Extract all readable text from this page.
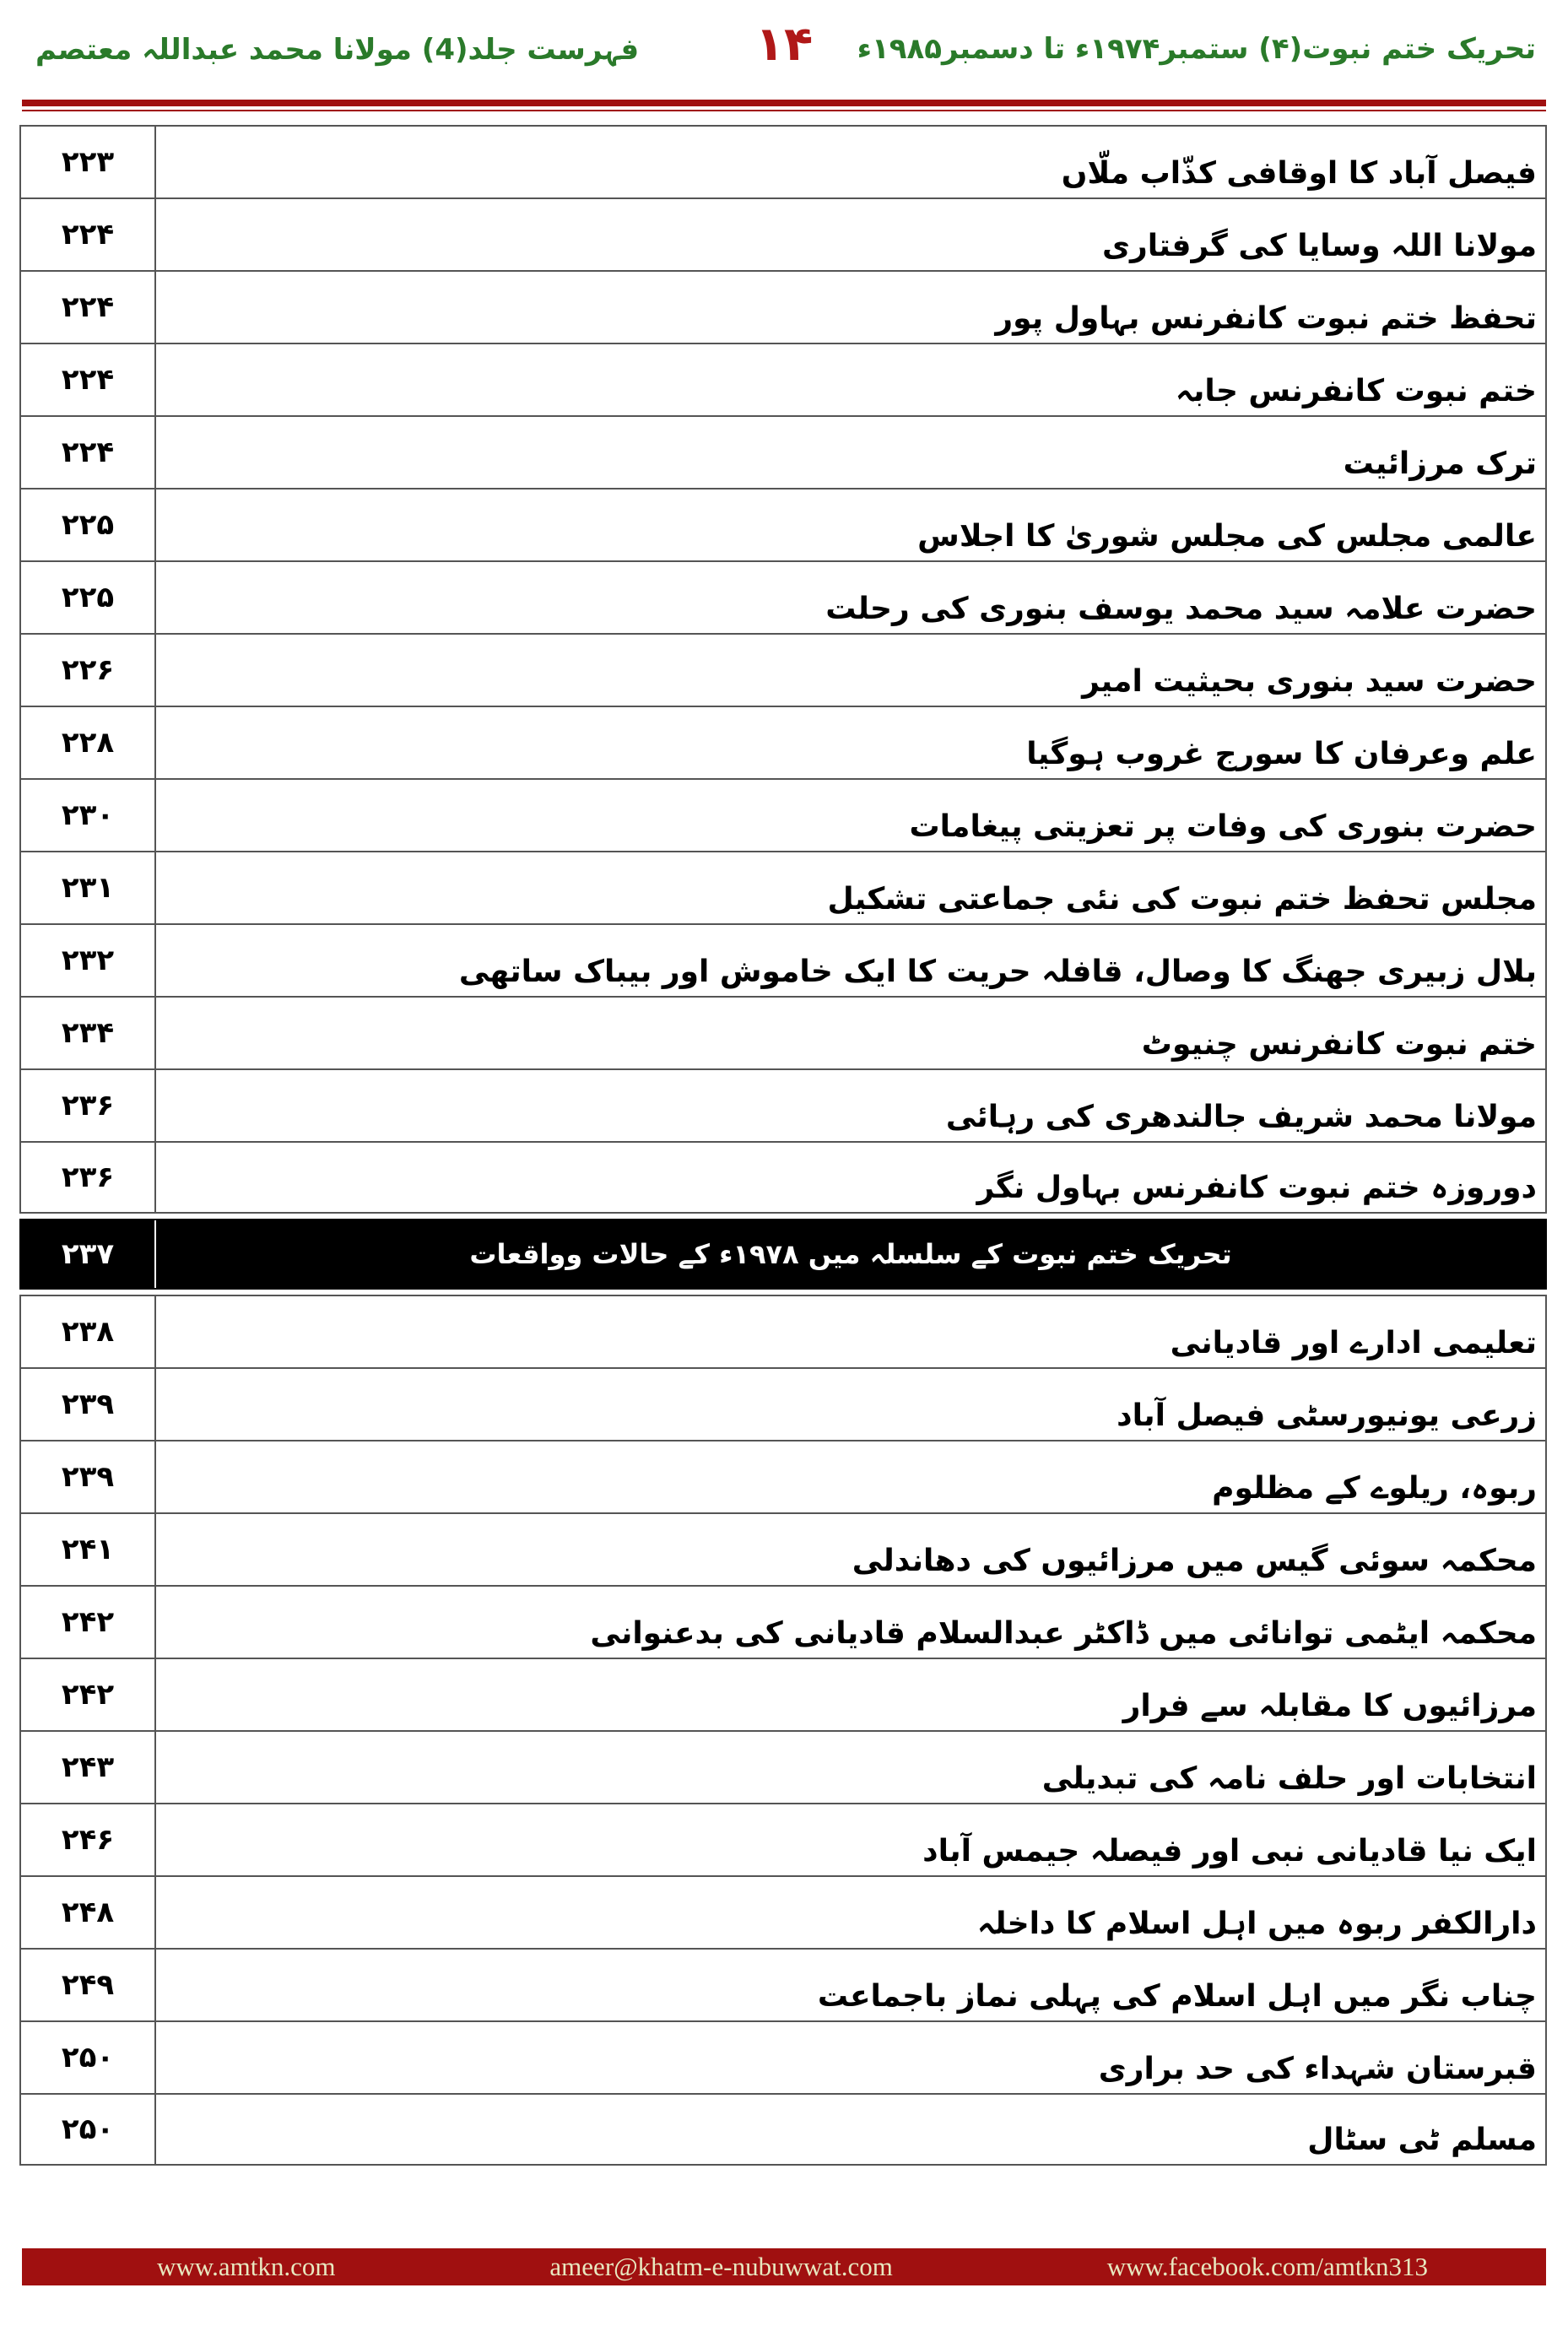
تحریک ختم نبوت(۴) ستمبر۱۹۷۴ء تا دسمبر۱۹۸۵ء
۱۴
فہرست جلد(4) مولانا محمد عبداللہ معتصم
۲۲۳	فیصل آباد کا اوقافی کذّاب ملّاں
۲۲۴	مولانا اللہ وسایا کی گرفتاری
۲۲۴	تحفظ ختم نبوت کانفرنس بہاول پور
۲۲۴	ختم نبوت کانفرنس جابہ
۲۲۴	ترک مرزائیت
۲۲۵	عالمی مجلس کی مجلس شوریٰ کا اجلاس
۲۲۵	حضرت علامہ سید محمد یوسف بنوری کی رحلت
۲۲۶	حضرت سید بنوری بحیثیت امیر
۲۲۸	علم وعرفان کا سورج غروب ہوگیا
۲۳۰	حضرت بنوری کی وفات پر تعزیتی پیغامات
۲۳۱	مجلس تحفظ ختم نبوت کی نئی جماعتی تشکیل
۲۳۲	بلال زبیری جھنگ کا وصال، قافلہ حریت کا ایک خاموش اور بیباک ساتھی
۲۳۴	ختم نبوت کانفرنس چنیوٹ
۲۳۶	مولانا محمد شریف جالندھری کی رہائی
۲۳۶	دوروزہ ختم نبوت کانفرنس بہاول نگر
۲۳۷	تحریک ختم نبوت کے سلسلہ میں ۱۹۷۸ء کے حالات وواقعات
۲۳۸	تعلیمی ادارے اور قادیانی
۲۳۹	زرعی یونیورسٹی فیصل آباد
۲۳۹	ربوہ، ریلوے کے مظلوم
۲۴۱	محکمہ سوئی گیس میں مرزائیوں کی دھاندلی
۲۴۲	محکمہ ایٹمی توانائی میں ڈاکٹر عبدالسلام قادیانی کی بدعنوانی
۲۴۲	مرزائیوں کا مقابلہ سے فرار
۲۴۳	انتخابات اور حلف نامہ کی تبدیلی
۲۴۶	ایک نیا قادیانی نبی اور فیصلہ جیمس آباد
۲۴۸	دارالکفر ربوہ میں اہل اسلام کا داخلہ
۲۴۹	چناب نگر میں اہل اسلام کی پہلی نماز باجماعت
۲۵۰	قبرستان شہداء کی حد براری
۲۵۰	مسلم ٹی سٹال
www.amtkn.com	ameer@khatm-e-nubuwwat.com	www.facebook.com/amtkn313
